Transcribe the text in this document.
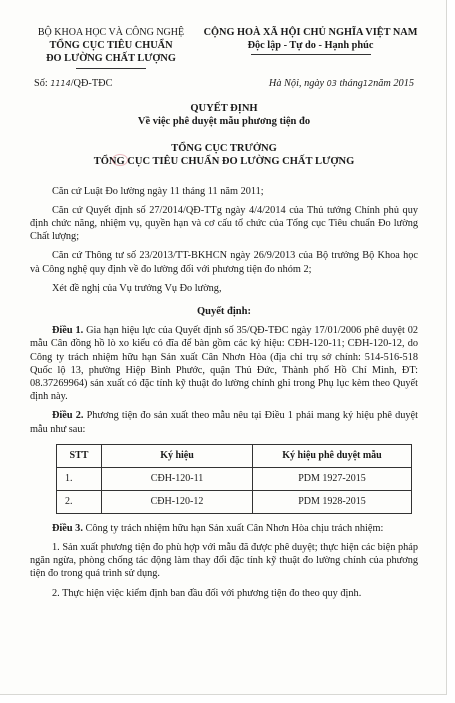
BỘ KHOA HỌC VÀ CÔNG NGHỆ
TỔNG CỤC TIÊU CHUẨN
ĐO LƯỜNG CHẤT LƯỢNG
CỘNG HOÀ XÃ HỘI CHỦ NGHĨA VIỆT NAM
Độc lập - Tự do - Hạnh phúc
Số: 1114/QĐ-TĐC	Hà Nội, ngày 03 tháng12năm 2015
QUYẾT ĐỊNH
Về việc phê duyệt mẫu phương tiện đo
TỔNG CỤC TRƯỞNG
TỔNG CỤC TIÊU CHUẨN ĐO LƯỜNG CHẤT LƯỢNG

Căn cứ Luật Đo lường ngày 11 tháng 11 năm 2011;

Căn cứ Quyết định số 27/2014/QĐ-TTg ngày 4/4/2014 của Thủ tướng Chính phủ quy định chức năng, nhiệm vụ, quyền hạn và cơ cấu tổ chức của Tổng cục Tiêu chuẩn Đo lường Chất lượng;

Căn cứ Thông tư số 23/2013/TT-BKHCN ngày 26/9/2013 của Bộ trưởng Bộ Khoa học và Công nghệ quy định về đo lường đối với phương tiện đo nhóm 2;

Xét đề nghị của Vụ trưởng Vụ Đo lường,

Quyết định:

Điều 1. Gia hạn hiệu lực của Quyết định số 35/QĐ-TĐC ngày 17/01/2006 phê duyệt 02 mẫu Cân đồng hồ lò xo kiểu có đĩa để bàn gồm các ký hiệu: CĐH-120-11; CĐH-120-12, do Công ty trách nhiệm hữu hạn Sản xuất Cân Nhơn Hòa (địa chỉ trụ sở chính: 514-516-518 Quốc lộ 13, phường Hiệp Bình Phước, quận Thủ Đức, Thành phố Hồ Chí Minh, ĐT: 08.37269964) sản xuất có đặc tính kỹ thuật đo lường chính ghi trong Phụ lục kèm theo Quyết định này.

Điều 2. Phương tiện đo sản xuất theo mẫu nêu tại Điều 1 phải mang ký hiệu phê duyệt mẫu như sau:

STT	Ký hiệu	Ký hiệu phê duyệt mẫu
1.	CĐH-120-11	PDM 1927-2015
2.	CĐH-120-12	PDM 1928-2015

Điều 3. Công ty trách nhiệm hữu hạn Sản xuất Cân Nhơn Hòa chịu trách nhiệm:

1. Sản xuất phương tiện đo phù hợp với mẫu đã được phê duyệt; thực hiện các biện pháp ngăn ngừa, phòng chống tác động làm thay đổi đặc tính kỹ thuật đo lường chính của phương tiện đo trong quá trình sử dụng.

2. Thực hiện việc kiểm định ban đầu đối với phương tiện đo theo quy định.
